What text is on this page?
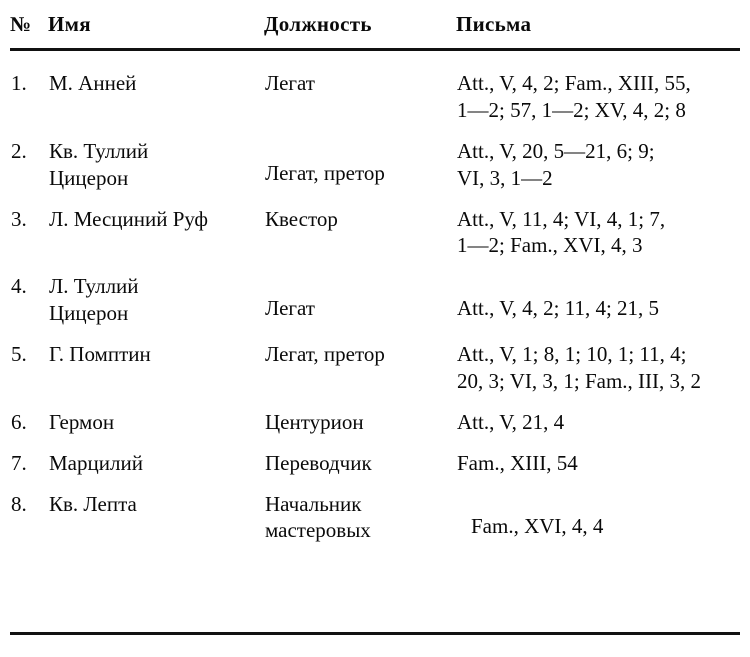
№	Имя	Должность	Письма
1.	М. Анней	Легат	Att., V, 4, 2; Fam., XIII, 55,
1—2; 57, 1—2; XV, 4, 2; 8

2.	Кв. Туллий
Цицерон	Легат, претор	Att., V, 20, 5—21, 6; 9;
VI, 3, 1—2

3.	Л. Месциний Руф	Квестор	Att., V, 11, 4; VI, 4, 1; 7,
1—2; Fam., XVI, 4, 3

4.	Л. Туллий
Цицерон	Легат	Att., V, 4, 2; 11, 4; 21, 5

5.	Г. Помптин	Легат, претор	Att., V, 1; 8, 1; 10, 1; 11, 4;
20, 3; VI, 3, 1; Fam., III, 3, 2

6.	Гермон	Центурион	Att., V, 21, 4

7.	Марцилий	Переводчик	Fam., XIII, 54

8.	Кв. Лепта	Начальник
мастеровых	Fam., XVI, 4, 4
